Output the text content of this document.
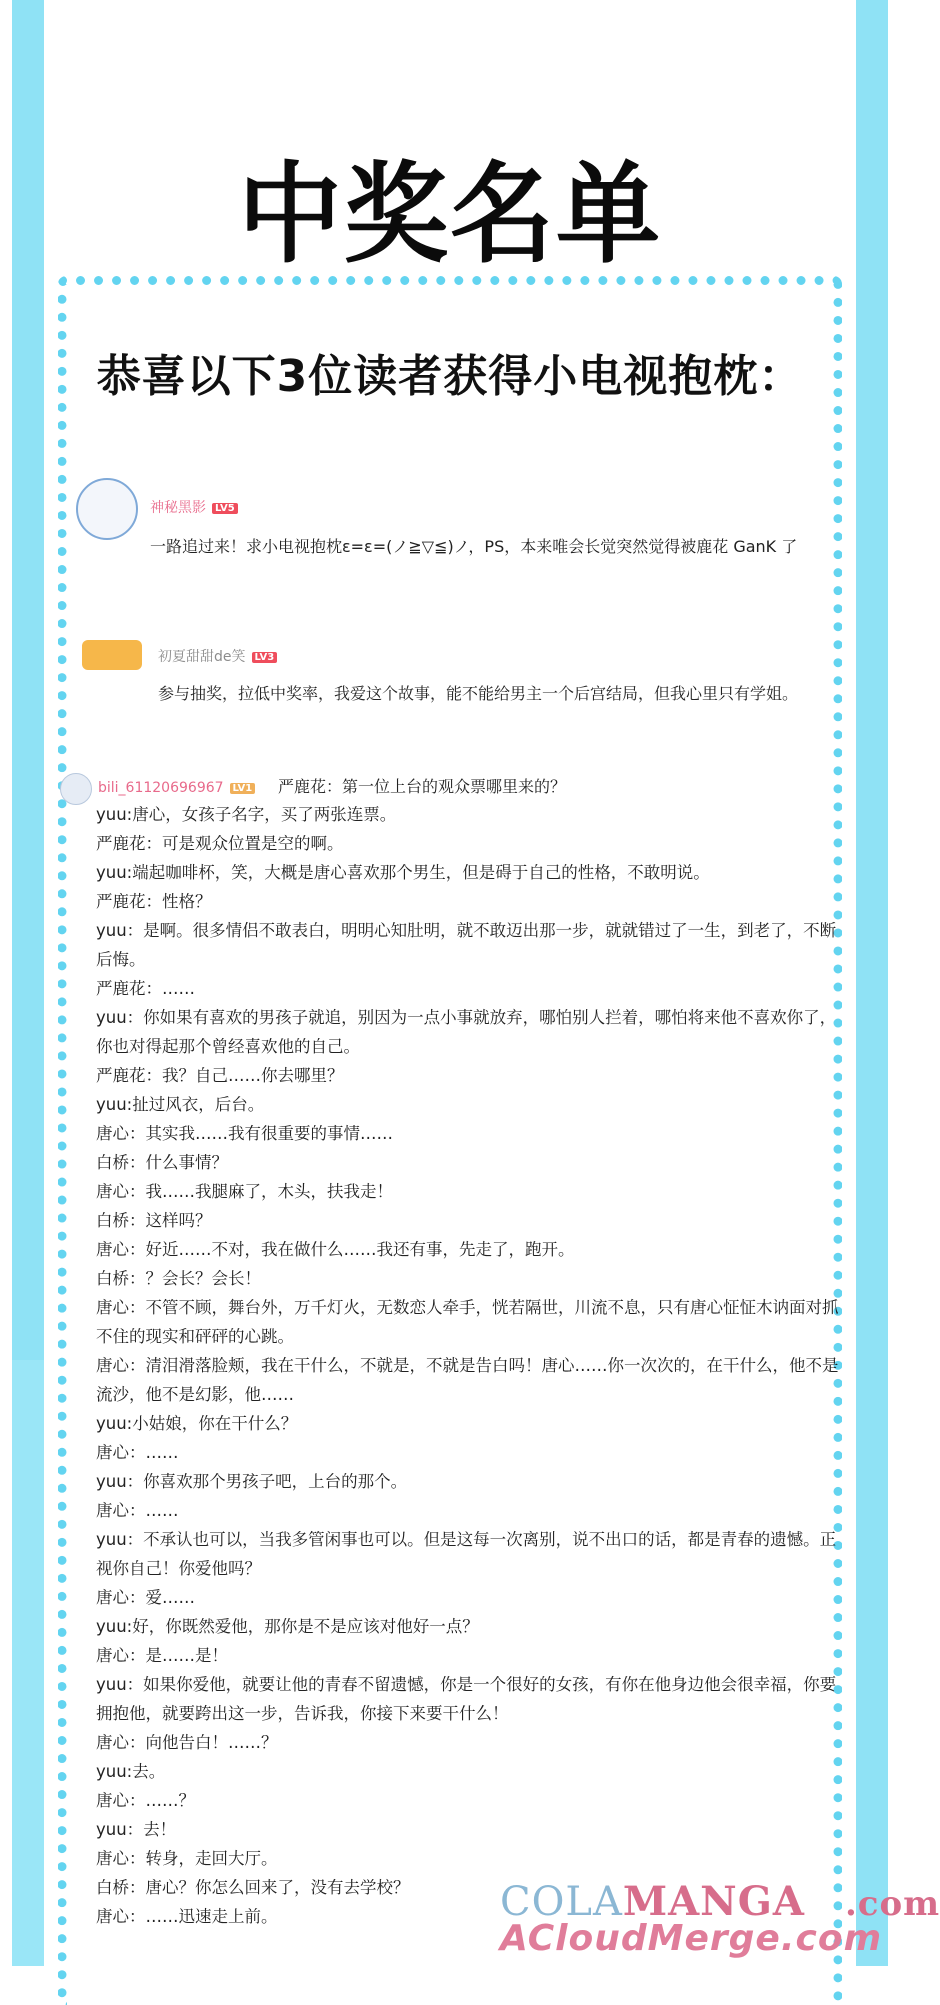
中奖名单
恭喜以下3位读者获得小电视抱枕：
神秘黑影 LV5
一路追过来！求小电视抱枕ε=ε=(ノ≧▽≦)ノ，PS，本来唯会长觉突然觉得被鹿花 GanK 了
初夏甜甜de笑 LV3
参与抽奖，拉低中奖率，我爱这个故事，能不能给男主一个后宫结局，但我心里只有学姐。
bili_61120696967 LV1 严鹿花：第一位上台的观众票哪里来的？
yuu:唐心，女孩子名字，买了两张连票。
严鹿花：可是观众位置是空的啊。
yuu:端起咖啡杯，笑，大概是唐心喜欢那个男生，但是碍于自己的性格，不敢明说。
严鹿花：性格？
yuu：是啊。很多情侣不敢表白，明明心知肚明，就不敢迈出那一步，就就错过了一生，到老了，不断后悔。
严鹿花：……
yuu：你如果有喜欢的男孩子就追，别因为一点小事就放弃，哪怕别人拦着，哪怕将来他不喜欢你了，你也对得起那个曾经喜欢他的自己。
严鹿花：我？自己……你去哪里？
yuu:扯过风衣，后台。
唐心：其实我……我有很重要的事情……
白桥：什么事情？
唐心：我……我腿麻了，木头，扶我走！
白桥：这样吗？
唐心：好近……不对，我在做什么……我还有事，先走了，跑开。
白桥：？会长？会长！
唐心：不管不顾，舞台外，万千灯火，无数恋人牵手，恍若隔世，川流不息，只有唐心怔怔木讷面对抓不住的现实和砰砰的心跳。
唐心：清泪滑落脸颊，我在干什么，不就是，不就是告白吗！唐心……你一次次的，在干什么，他不是流沙，他不是幻影，他……
yuu:小姑娘，你在干什么？
唐心：……
yuu：你喜欢那个男孩子吧，上台的那个。
唐心：……
yuu：不承认也可以，当我多管闲事也可以。但是这每一次离别，说不出口的话，都是青春的遗憾。正视你自己！你爱他吗？
唐心：爱……
yuu:好，你既然爱他，那你是不是应该对他好一点？
唐心：是……是！
yuu：如果你爱他，就要让他的青春不留遗憾，你是一个很好的女孩，有你在他身边他会很幸福，你要拥抱他，就要跨出这一步，告诉我，你接下来要干什么！
唐心：向他告白！……？
yuu:去。
唐心：……？
yuu：去！
唐心：转身，走回大厅。
白桥：唐心？你怎么回来了，没有去学校？
唐心：……迅速走上前。	COLAMANGA .com
ACloudMerge.com
